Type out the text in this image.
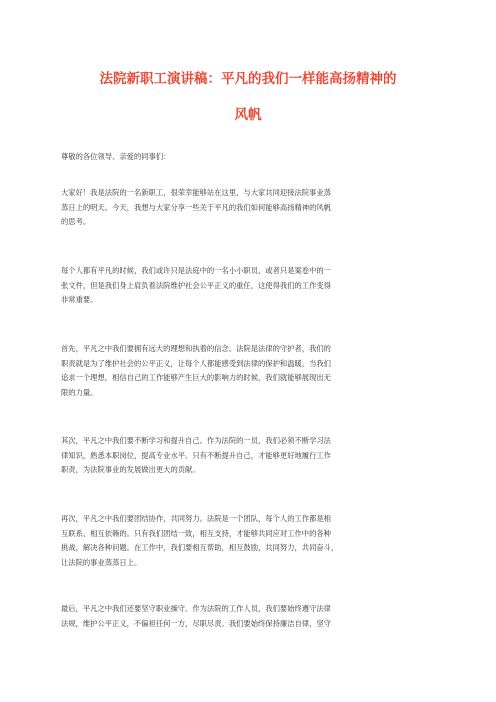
法院新职工演讲稿：平凡的我们一样能高扬精神的
风帆

尊敬的各位领导、亲爱的同事们：

大家好！我是法院的一名新职工，很荣幸能够站在这里，与大家共同迎接法院事业蒸
蒸日上的明天。今天，我想与大家分享一些关于平凡的我们如何能够高扬精神的风帆
的思考。

每个人都有平凡的时候，我们或许只是法庭中的一名小小职员，或者只是案卷中的一
张文件，但是我们身上肩负着法院维护社会公平正义的重任，这使得我们的工作变得
非常重要。

首先，平凡之中我们要拥有远大的理想和执着的信念。法院是法律的守护者，我们的
职责就是为了维护社会的公平正义，让每个人都能感受到法律的保护和温暖。当我们
追求一个理想，相信自己的工作能够产生巨大的影响力的时候，我们就能够展现出无
限的力量。

其次，平凡之中我们要不断学习和提升自己。作为法院的一员，我们必须不断学习法
律知识，熟悉本职岗位，提高专业水平。只有不断提升自己，才能够更好地履行工作
职责，为法院事业的发展做出更大的贡献。

再次，平凡之中我们要团结协作，共同努力。法院是一个团队，每个人的工作都是相
互联系、相互依赖的。只有我们团结一致，相互支持，才能够共同应对工作中的各种
挑战，解决各种问题。在工作中，我们要相互帮助，相互鼓励，共同努力，共同奋斗，
让法院的事业蒸蒸日上。

最后，平凡之中我们还要坚守职业操守。作为法院的工作人员，我们要始终遵守法律
法规，维护公平正义，不偏袒任何一方，尽职尽责。我们要始终保持廉洁自律，坚守
